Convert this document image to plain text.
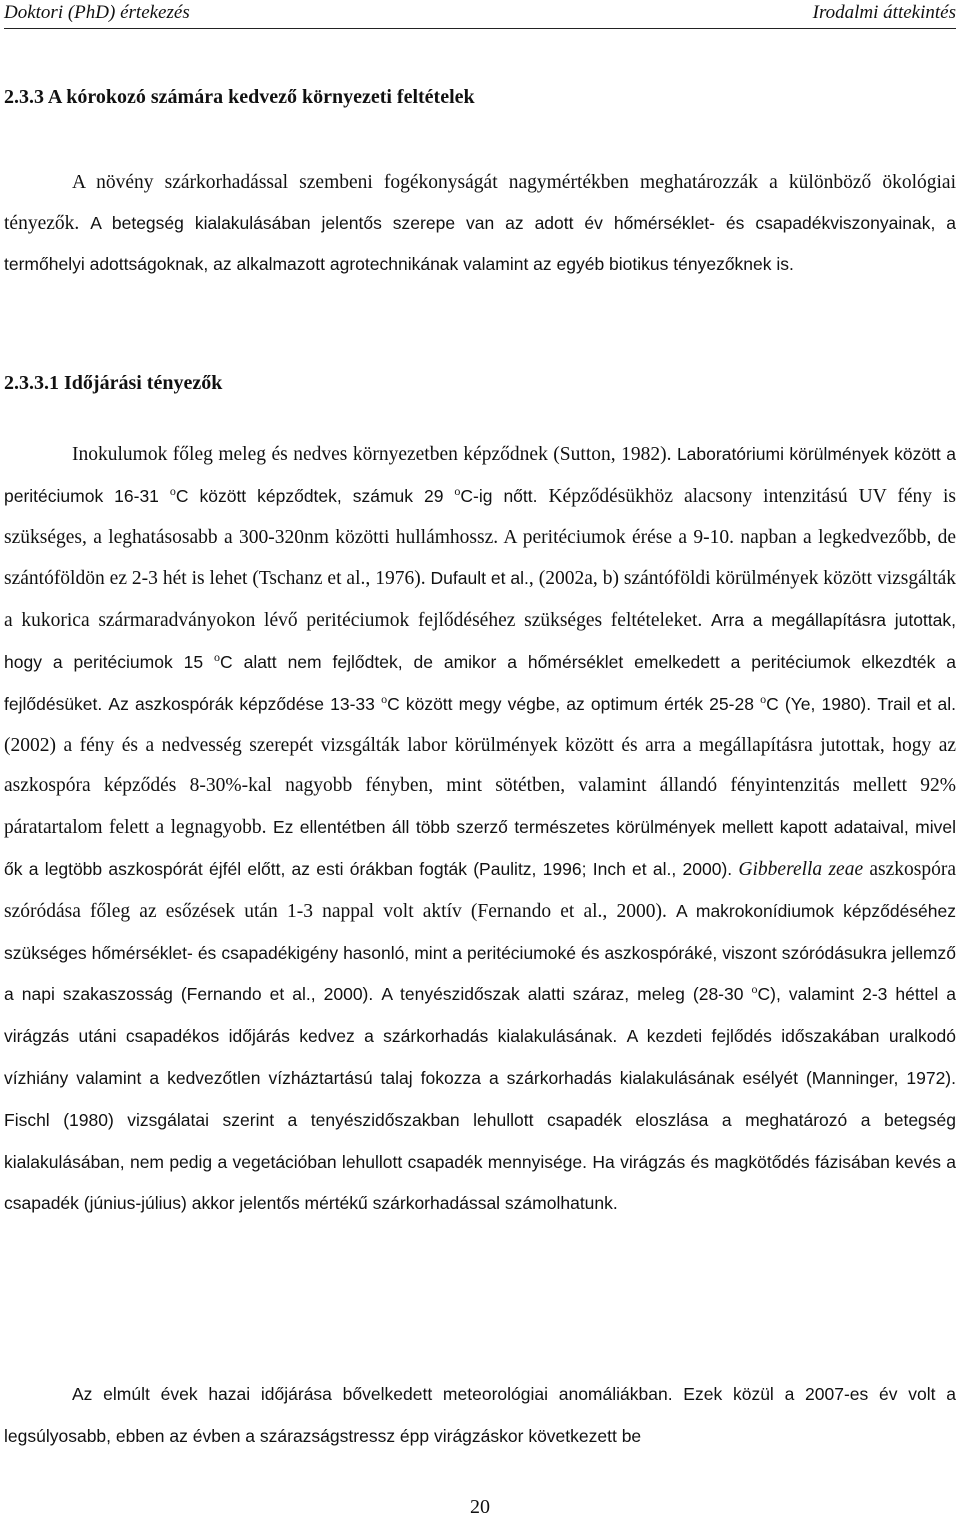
Doktori (PhD) értekezés	Irodalmi áttekintés
2.3.3 A kórokozó számára kedvező környezeti feltételek

A növény szárkorhadással szembeni fogékonyságát nagymértékben meghatározzák a különböző ökológiai tényezők. A betegség kialakulásában jelentős szerepe van az adott év hőmérséklet- és csapadékviszonyainak, a termőhelyi adottságoknak, az alkalmazott agrotechnikának valamint az egyéb biotikus tényezőknek is.

2.3.3.1 Időjárási tényezők

Inokulumok főleg meleg és nedves környezetben képződnek (Sutton, 1982). Laboratóriumi körülmények között a peritéciumok 16-31 $^o$C között képződtek, számuk 29 $^o$C-ig nőtt. Képződésükhöz alacsony intenzitású UV fény is szükséges, a leghatásosabb a 300-320nm közötti hullámhossz. A peritéciumok érése a 9-10. napban a legkedvezőbb, de szántóföldön ez 2-3 hét is lehet (Tschanz et al., 1976). Dufault et al., (2002a, b) szántóföldi körülmények között vizsgálták a kukorica szármaradványokon lévő peritéciumok fejlődéséhez szükséges feltételeket. Arra a megállapításra jutottak, hogy a peritéciumok 15 $^o$C alatt nem fejlődtek, de amikor a hőmérséklet emelkedett a peritéciumok elkezdték a fejlődésüket. Az aszkospórák képződése 13-33 $^o$C között megy végbe, az optimum érték 25-28 $^o$C (Ye, 1980). Trail et al. (2002) a fény és a nedvesség szerepét vizsgálták labor körülmények között és arra a megállapításra jutottak, hogy az aszkospóra képződés 8-30%-kal nagyobb fényben, mint sötétben, valamint állandó fényintenzitás mellett 92% páratartalom felett a legnagyobb. Ez ellentétben áll több szerző természetes körülmények mellett kapott adataival, mivel ők a legtöbb aszkospórát éjfél előtt, az esti órákban fogták (Paulitz, 1996; Inch et al., 2000). Gibberella zeae aszkospóra szóródása főleg az esőzések után 1-3 nappal volt aktív (Fernando et al., 2000). A makrokonídiumok képződéséhez szükséges hőmérséklet- és csapadékigény hasonló, mint a peritéciumoké és aszkospóráké, viszont szóródásukra jellemző a napi szakaszosság (Fernando et al., 2000). A tenyészidőszak alatti száraz, meleg (28-30 $^o$C), valamint 2-3 héttel a virágzás utáni csapadékos időjárás kedvez a szárkorhadás kialakulásának. A kezdeti fejlődés időszakában uralkodó vízhiány valamint a kedvezőtlen vízháztartású talaj fokozza a szárkorhadás kialakulásának esélyét (Manninger, 1972). Fischl (1980) vizsgálatai szerint a tenyészidőszakban lehullott csapadék eloszlása a meghatározó a betegség kialakulásában, nem pedig a vegetációban lehullott csapadék mennyisége. Ha virágzás és magkötődés fázisában kevés a csapadék (június-július) akkor jelentős mértékű szárkorhadással számolhatunk.

Az elmúlt évek hazai időjárása bővelkedett meteorológiai anomáliákban. Ezek közül a 2007-es év volt a legsúlyosabb, ebben az évben a szárazságstressz épp virágzáskor következett be

20
